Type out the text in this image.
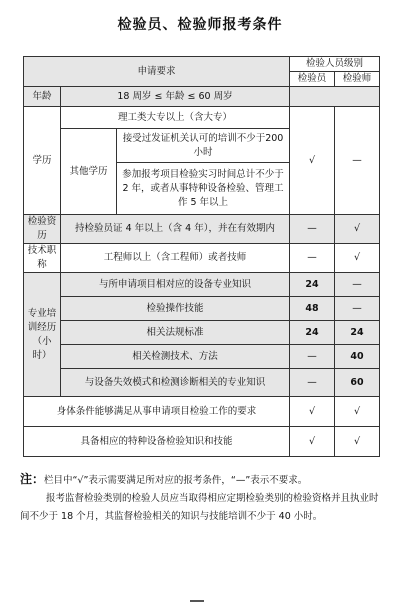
检验员、检验师报考条件
申请要求			检验人员级别	
			检验员	检验师
年龄	18 周岁 ≤ 年龄 ≤ 60 周岁			
学历	理工类大专以上（含大专）		√	—
	其他学历	接受过发证机关认可的培训不少于200 小时		
		参加报考项目检验实习时间总计不少于 2 年，或者从事特种设备检验、管理工作 5 年以上		
检验资历	持检验员证 4 年以上（含 4 年），并在有效期内		—	√
技术职称	工程师以上（含工程师）或者技师		—	√
专业培训经历（小时）	与所申请项目相对应的设备专业知识		24	—
	检验操作技能		48	—
	相关法规标准		24	24
	相关检测技术、方法		—	40
	与设备失效模式和检测诊断相关的专业知识		—	60
身体条件能够满足从事申请项目检验工作的要求			√	√
具备相应的特种设备检验知识和技能			√	√

注：栏目中“√”表示需要满足所对应的报考条件，“—”表示不要求。

报考监督检验类别的检验人员应当取得相应定期检验类别的检验资格并且执业时间不少于 18 个月，其监督检验相关的知识与技能培训不少于 40 小时。
